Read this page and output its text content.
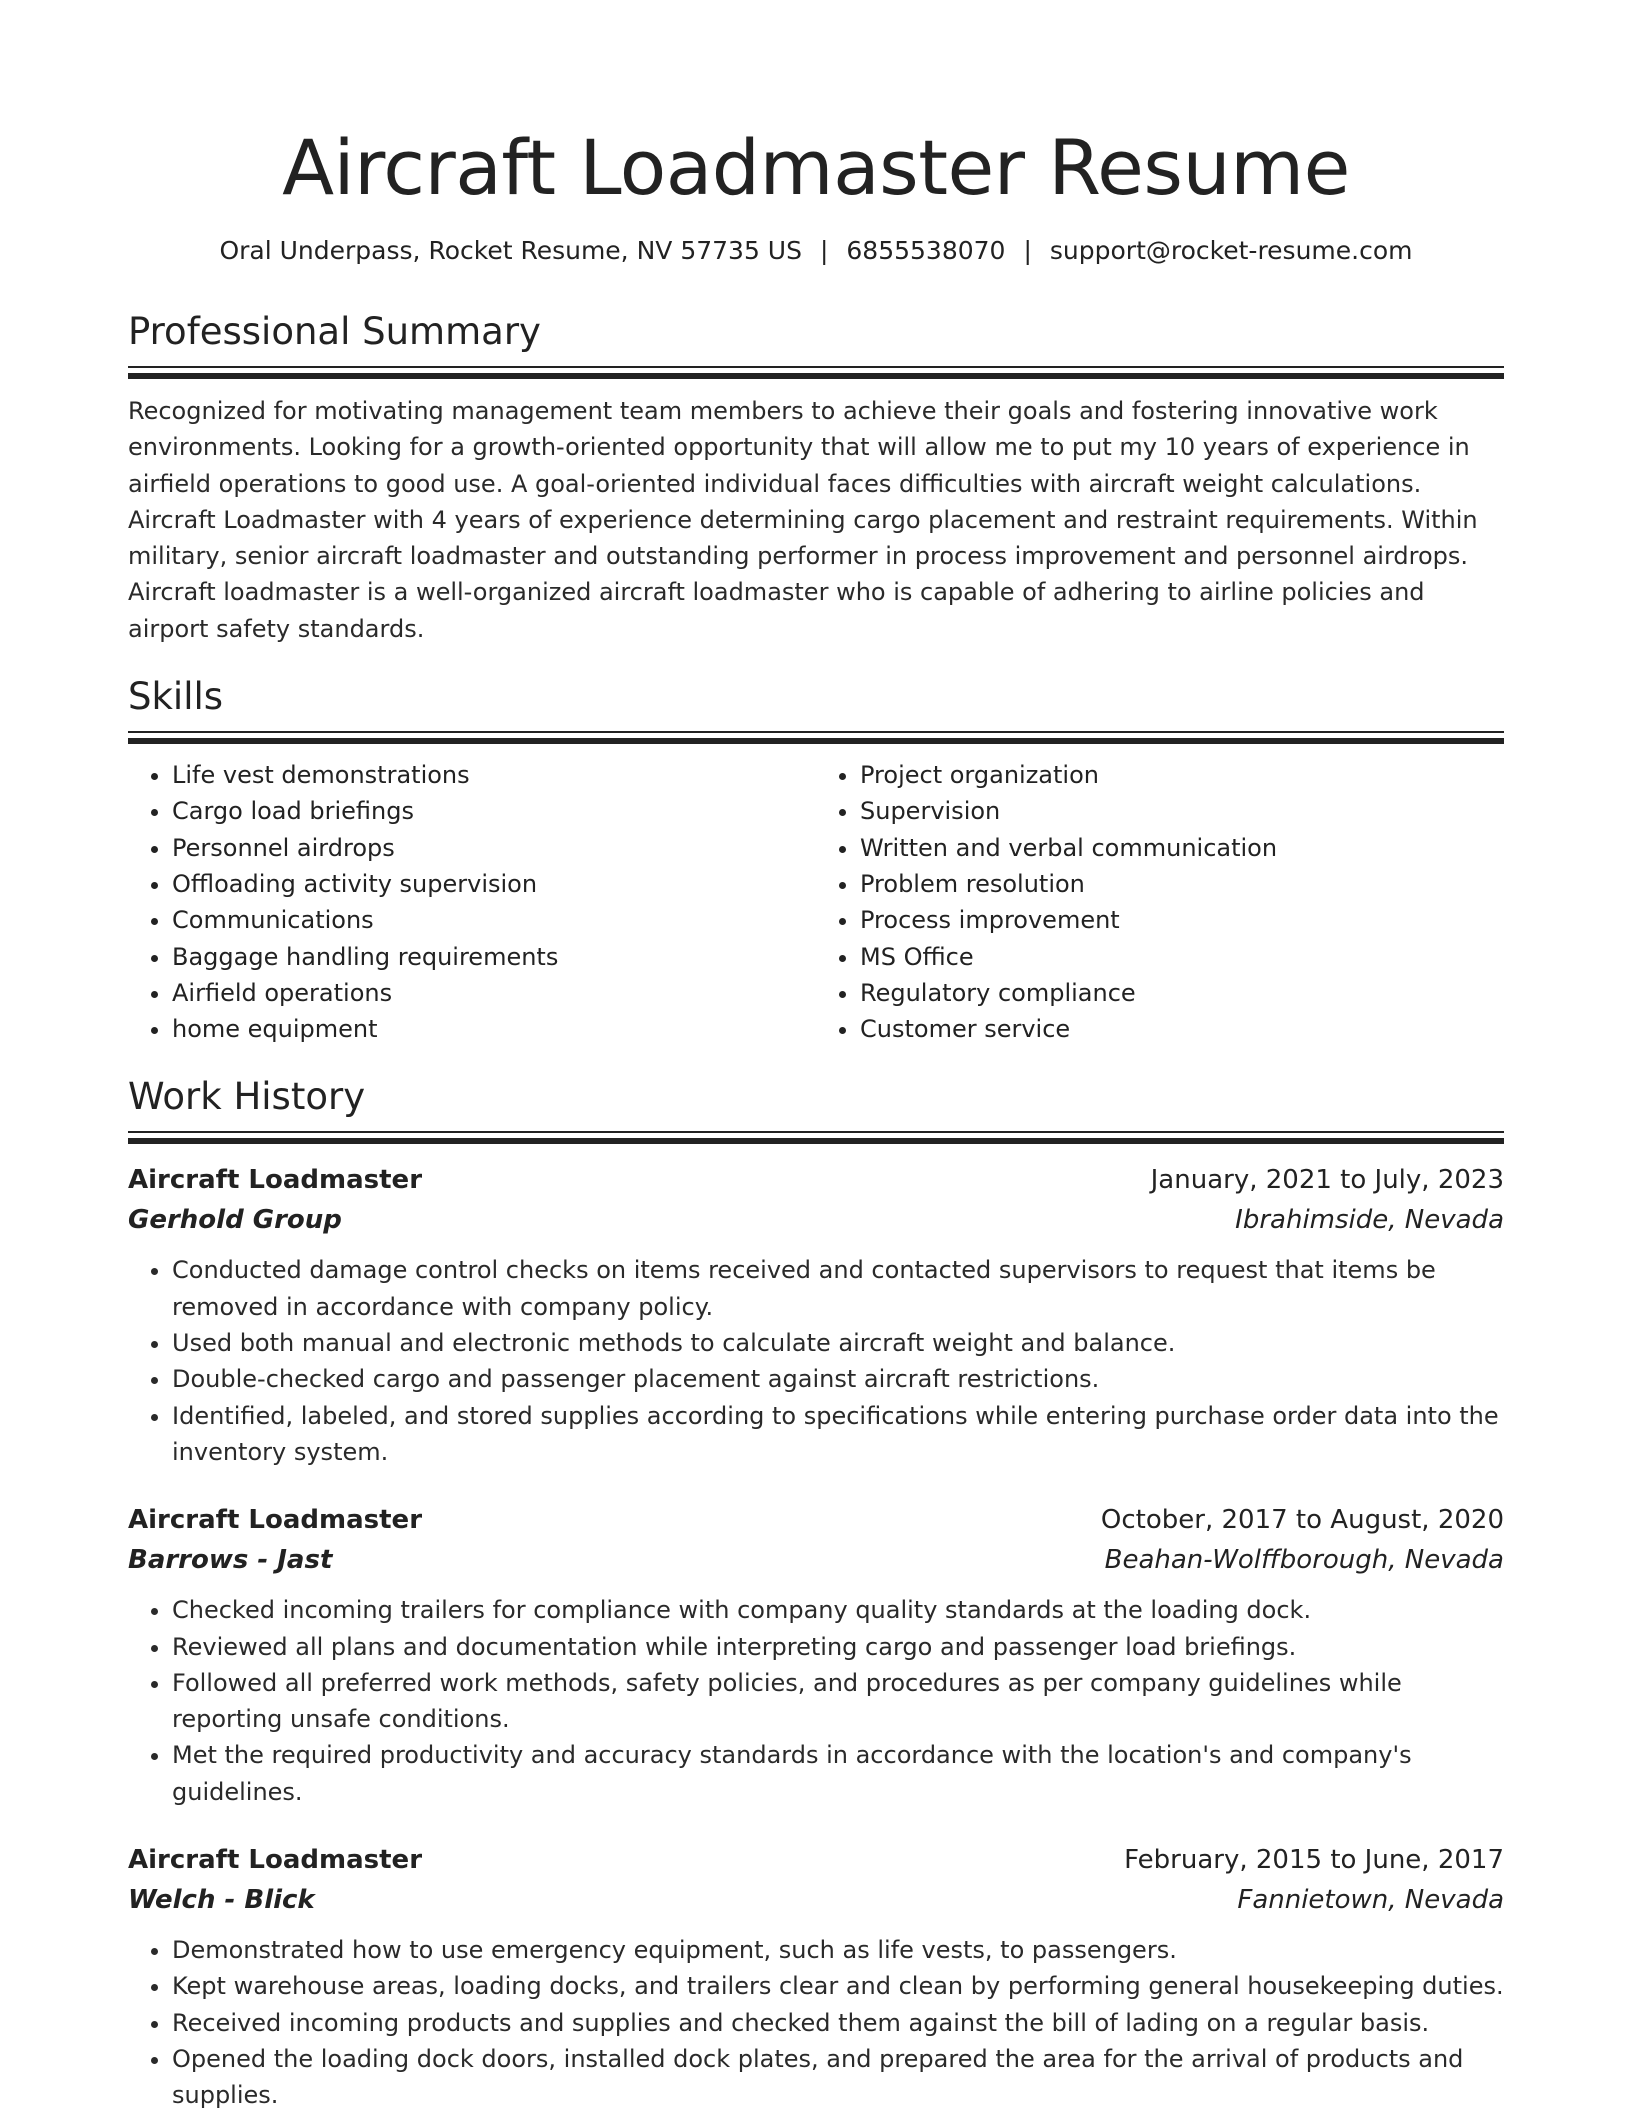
Aircraft Loadmaster Resume
Oral Underpass, Rocket Resume, NV 57735 US | 6855538070 | support@rocket-resume.com
Professional Summary

Recognized for motivating management team members to achieve their goals and fostering innovative work environments. Looking for a growth-oriented opportunity that will allow me to put my 10 years of experience in airfield operations to good use. A goal-oriented individual faces difficulties with aircraft weight calculations. Aircraft Loadmaster with 4 years of experience determining cargo placement and restraint requirements. Within military, senior aircraft loadmaster and outstanding performer in process improvement and personnel airdrops. Aircraft loadmaster is a well-organized aircraft loadmaster who is capable of adhering to airline policies and airport safety standards.

Skills
• Life vest demonstrations
• Cargo load briefings
• Personnel airdrops
• Offloading activity supervision
• Communications
• Baggage handling requirements
• Airfield operations
• home equipment
• Project organization
• Supervision
• Written and verbal communication
• Problem resolution
• Process improvement
• MS Office
• Regulatory compliance
• Customer service
Work History
Aircraft Loadmaster	January, 2021 to July, 2023
Gerhold Group	Ibrahimside, Nevada
• Conducted damage control checks on items received and contacted supervisors to request that items be removed in accordance with company policy.
• Used both manual and electronic methods to calculate aircraft weight and balance.
• Double-checked cargo and passenger placement against aircraft restrictions.
• Identified, labeled, and stored supplies according to specifications while entering purchase order data into the inventory system.
Aircraft Loadmaster	October, 2017 to August, 2020
Barrows - Jast	Beahan-Wolffborough, Nevada
• Checked incoming trailers for compliance with company quality standards at the loading dock.
• Reviewed all plans and documentation while interpreting cargo and passenger load briefings.
• Followed all preferred work methods, safety policies, and procedures as per company guidelines while reporting unsafe conditions.
• Met the required productivity and accuracy standards in accordance with the location's and company's guidelines.
Aircraft Loadmaster	February, 2015 to June, 2017
Welch - Blick	Fannietown, Nevada
• Demonstrated how to use emergency equipment, such as life vests, to passengers.
• Kept warehouse areas, loading docks, and trailers clear and clean by performing general housekeeping duties.
• Received incoming products and supplies and checked them against the bill of lading on a regular basis.
• Opened the loading dock doors, installed dock plates, and prepared the area for the arrival of products and supplies.
